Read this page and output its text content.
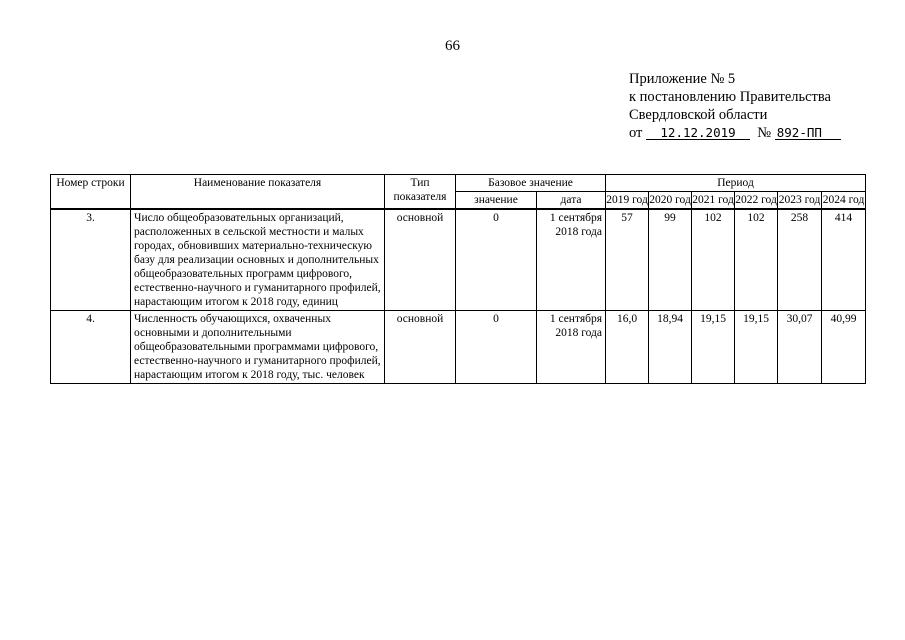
66
Приложение № 5
к постановлению Правительства
Свердловской области
от 12.12.2019 № 892-ПП
Номер строки	Наименование показателя	Тип показателя	Базовое значение		Период					
			значение	дата	2019 год	2020 год	2021 год	2022 год	2023 год	2024 год
3.	Число общеобразовательных организаций, расположенных в сельской местности и малых городах, обновивших материально-техническую базу для реализации основных и дополнительных общеобразовательных программ цифрового, естественно-научного и гуманитарного профилей, нарастающим итогом к 2018 году, единиц	основной	0	1 сентября 2018 года	57	99	102	102	258	414
4.	Численность обучающихся, охваченных основными и дополнительными общеобразовательными программами цифрового, естественно-научного и гуманитарного профилей, нарастающим итогом к 2018 году, тыс. человек	основной	0	1 сентября 2018 года	16,0	18,94	19,15	19,15	30,07	40,99
